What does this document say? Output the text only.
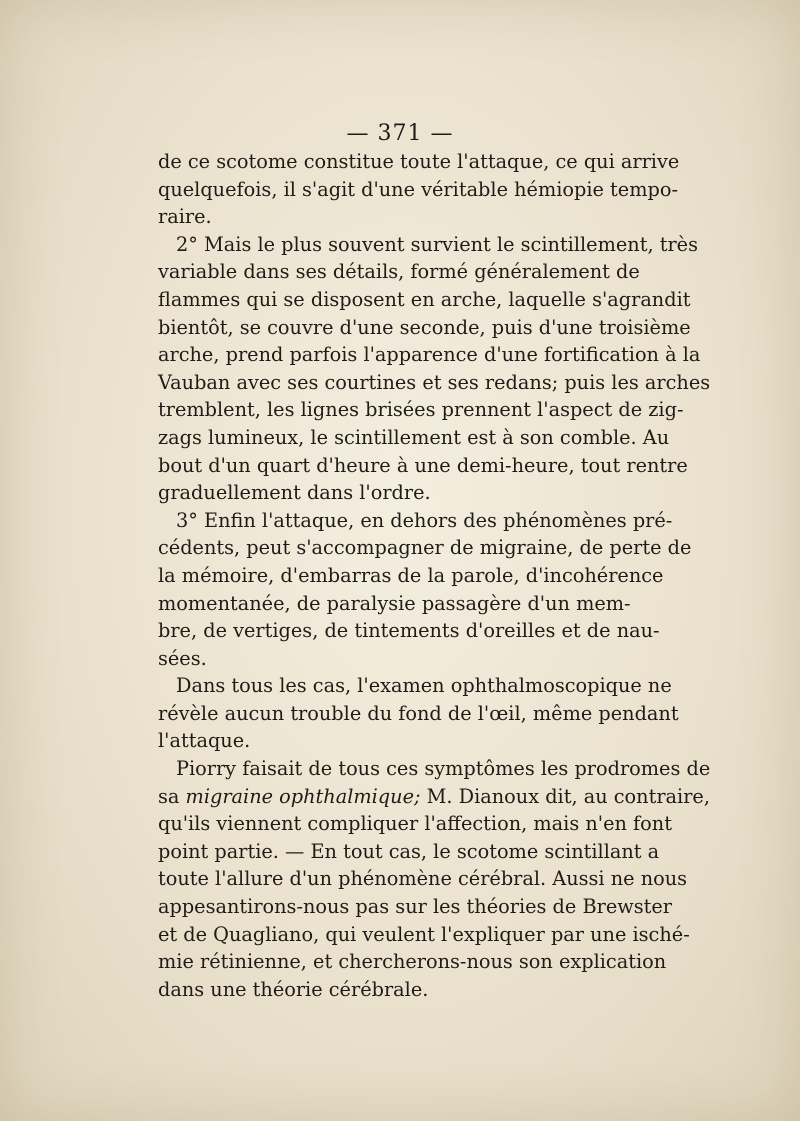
— 371 —

de ce scotome constitue toute l'attaque, ce qui arrive
quelquefois, il s'agit d'une véritable hémiopie tempo-
raire.

2° Mais le plus souvent survient le scintillement, très
variable dans ses détails, formé généralement de
flammes qui se disposent en arche, laquelle s'agrandit
bientôt, se couvre d'une seconde, puis d'une troisième
arche, prend parfois l'apparence d'une fortification à la
Vauban avec ses courtines et ses redans; puis les arches
tremblent, les lignes brisées prennent l'aspect de zig-
zags lumineux, le scintillement est à son comble. Au
bout d'un quart d'heure à une demi-heure, tout rentre
graduellement dans l'ordre.

3° Enfin l'attaque, en dehors des phénomènes pré-
cédents, peut s'accompagner de migraine, de perte de
la mémoire, d'embarras de la parole, d'incohérence
momentanée, de paralysie passagère d'un mem-
bre, de vertiges, de tintements d'oreilles et de nau-
sées.

Dans tous les cas, l'examen ophthalmoscopique ne
révèle aucun trouble du fond de l'œil, même pendant
l'attaque.

Piorry faisait de tous ces symptômes les prodromes de
sa migraine ophthalmique; M. Dianoux dit, au contraire,
qu'ils viennent compliquer l'affection, mais n'en font
point partie. — En tout cas, le scotome scintillant a
toute l'allure d'un phénomène cérébral. Aussi ne nous
appesantirons-nous pas sur les théories de Brewster
et de Quagliano, qui veulent l'expliquer par une isché-
mie rétinienne, et chercherons-nous son explication
dans une théorie cérébrale.
